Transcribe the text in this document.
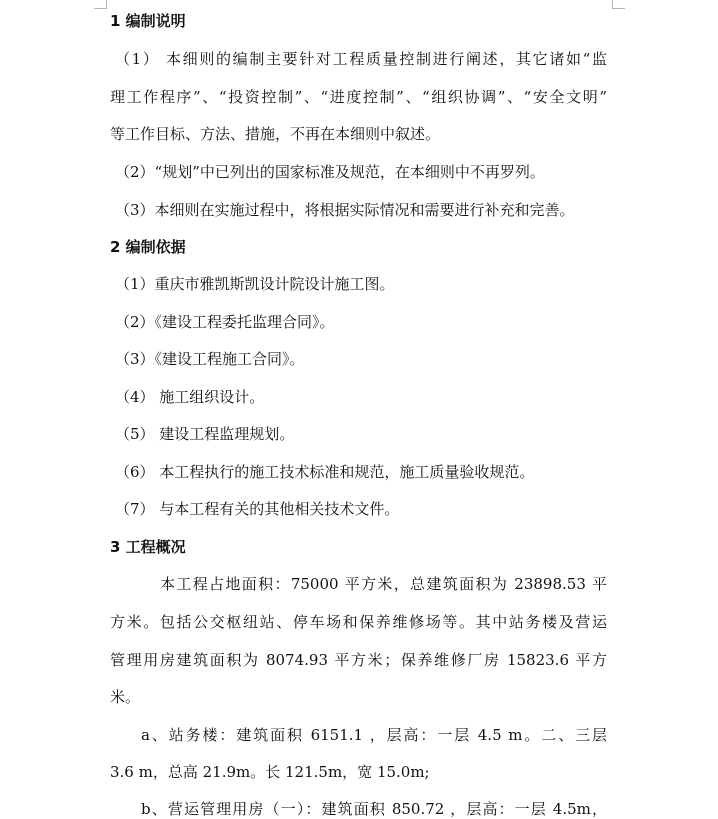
1 编制说明
（1） 本细则的编制主要针对工程质量控制进行阐述，其它诸如“监
理工作程序”、“投资控制”、“进度控制”、“组织协调”、“安全文明”
等工作目标、方法、措施，不再在本细则中叙述。
（2）“规划”中已列出的国家标准及规范，在本细则中不再罗列。
（3）本细则在实施过程中，将根据实际情况和需要进行补充和完善。
2 编制依据
（1）重庆市雅凯斯凯设计院设计施工图。
（2）《建设工程委托监理合同》。
（3）《建设工程施工合同》。
（4） 施工组织设计。
（5） 建设工程监理规划。
（6） 本工程执行的施工技术标准和规范，施工质量验收规范。
（7） 与本工程有关的其他相关技术文件。
3 工程概况
本工程占地面积：75000 平方米，总建筑面积为 23898.53 平
方米。包括公交枢纽站、停车场和保养维修场等。其中站务楼及营运
管理用房建筑面积为 8074.93 平方米；保养维修厂房 15823.6 平方
米。
a、站务楼：建筑面积 6151.1 ，层高：一层 4.5 m。二、三层
3.6 m，总高 21.9m。长 121.5m，宽 15.0m;
b、营运管理用房（一）：建筑面积 850.72 ，层高：一层 4.5m，
